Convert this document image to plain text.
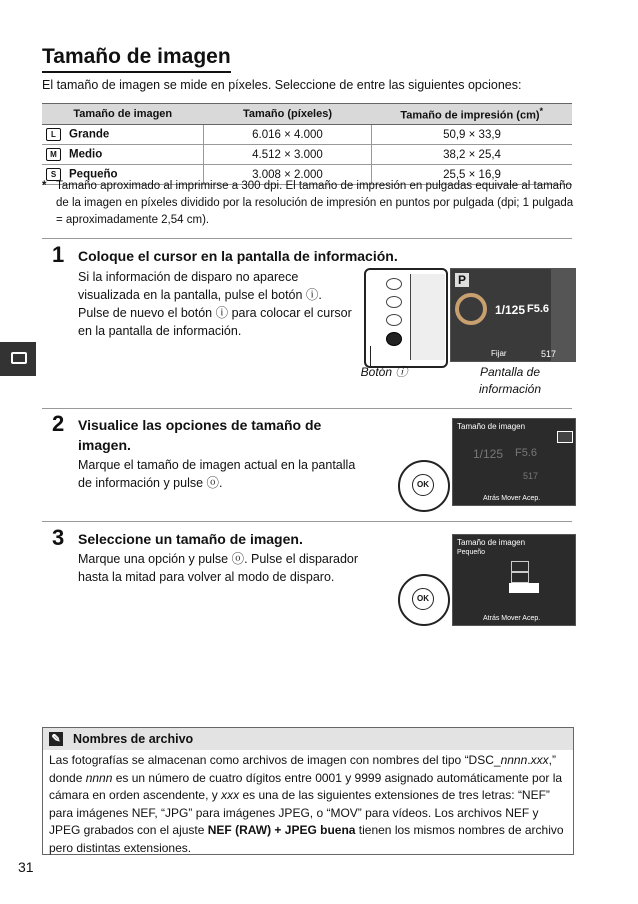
Tamaño de imagen
El tamaño de imagen se mide en píxeles. Seleccione de entre las siguientes opciones:
Tamaño de imagen	Tamaño (píxeles)	Tamaño de impresión (cm)*
L Grande	6.016 × 4.000	50,9 × 33,9
M Medio	4.512 × 3.000	38,2 × 25,4
S Pequeño	3.008 × 2.000	25,5 × 16,9
* Tamaño aproximado al imprimirse a 300 dpi. El tamaño de impresión en pulgadas equivale al tamaño de la imagen en píxeles dividido por la resolución de impresión en puntos por pulgada (dpi; 1 pulgada = aproximadamente 2,54 cm).
1 Coloque el cursor en la pantalla de información.
Si la información de disparo no aparece visualizada en la pantalla, pulse el botón ⓘ. Pulse de nuevo el botón ⓘ para colocar el cursor en la pantalla de información.
P
1/125 F5.6
Fijar	517
Botón ⓘ	Pantalla de información
2 Visualice las opciones de tamaño de imagen.
Marque el tamaño de imagen actual en la pantalla de información y pulse ⓞ.	OK
Tamaño de imagen
1/125 F5.6
517
Atrás Mover Acep.
3 Seleccione un tamaño de imagen.
Marque una opción y pulse ⓞ. Pulse el disparador hasta la mitad para volver al modo de disparo.
OK
Tamaño de imagen
Pequeño
Atrás Mover Acep.
✎ Nombres de archivo
Las fotografías se almacenan como archivos de imagen con nombres del tipo “DSC_nnnn.xxx,” donde nnnn es un número de cuatro dígitos entre 0001 y 9999 asignado automáticamente por la cámara en orden ascendente, y xxx es una de las siguientes extensiones de tres letras: “NEF” para imágenes NEF, “JPG” para imágenes JPEG, o “MOV” para vídeos. Los archivos NEF y JPEG grabados con el ajuste NEF (RAW) + JPEG buena tienen los mismos nombres de archivo pero distintas extensiones.
31
